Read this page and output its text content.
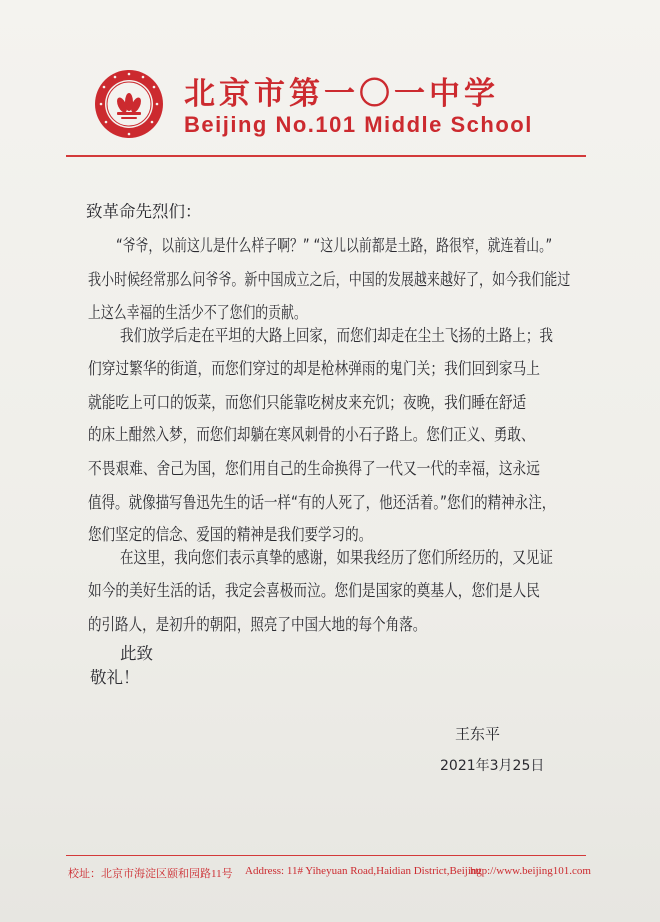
北京市第一〇一中学
Beijing No.101 Middle School
致革命先烈们：
“爷爷，以前这儿是什么样子啊？” “这儿以前都是土路，路很窄，就连着山。”
我小时候经常那么问爷爷。新中国成立之后，中国的发展越来越好了，如今我们能过
上这么幸福的生活少不了您们的贡献。
我们放学后走在平坦的大路上回家，而您们却走在尘土飞扬的土路上；我
们穿过繁华的街道，而您们穿过的却是枪林弹雨的鬼门关；我们回到家马上
就能吃上可口的饭菜，而您们只能靠吃树皮来充饥；夜晚，我们睡在舒适
的床上酣然入梦，而您们却躺在寒风刺骨的小石子路上。您们正义、勇敢、
不畏艰难、舍己为国，您们用自己的生命换得了一代又一代的幸福，这永远
值得。就像描写鲁迅先生的话一样“有的人死了，他还活着。”您们的精神永注，
您们坚定的信念、爱国的精神是我们要学习的。
在这里，我向您们表示真挚的感谢，如果我经历了您们所经历的，又见证
如今的美好生活的话，我定会喜极而泣。您们是国家的奠基人，您们是人民
的引路人，是初升的朝阳，照亮了中国大地的每个角落。
此致
敬礼！
王东平
2021年3月25日
校址：北京市海淀区颐和园路11号 Address: 11# Yiheyuan Road,Haidian District,Beijing
http://www.beijing101.com
